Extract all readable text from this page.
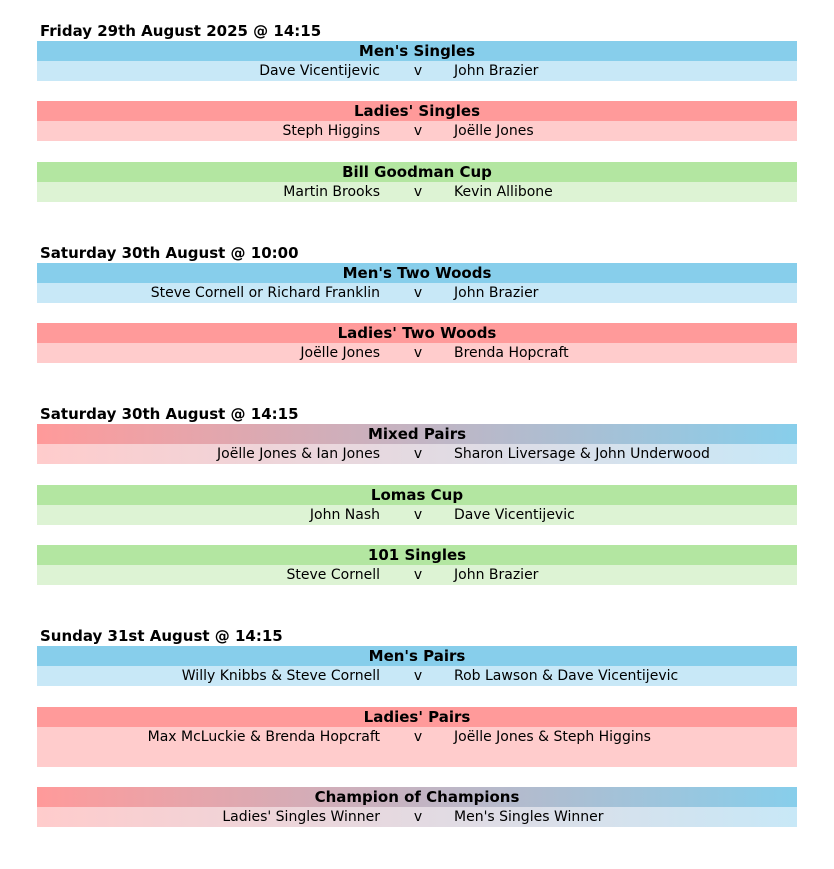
Friday 29th August 2025 @ 14:15
Men's Singles
Dave Vicentijevic v John Brazier
Ladies' Singles
Steph Higgins v Joëlle Jones
Bill Goodman Cup
Martin Brooks v Kevin Allibone
Saturday 30th August @ 10:00
Men's Two Woods
Steve Cornell or Richard Franklin v John Brazier
Ladies' Two Woods
Joëlle Jones v Brenda Hopcraft
Saturday 30th August @ 14:15
Mixed Pairs
Joëlle Jones & Ian Jones v Sharon Liversage & John Underwood
Lomas Cup
John Nash v Dave Vicentijevic
101 Singles
Steve Cornell v John Brazier
Sunday 31st August @ 14:15
Men's Pairs
Willy Knibbs & Steve Cornell v Rob Lawson & Dave Vicentijevic
Ladies' Pairs
Max McLuckie & Brenda Hopcraft v Joëlle Jones & Steph Higgins
Champion of Champions
Ladies' Singles Winner v Men's Singles Winner
